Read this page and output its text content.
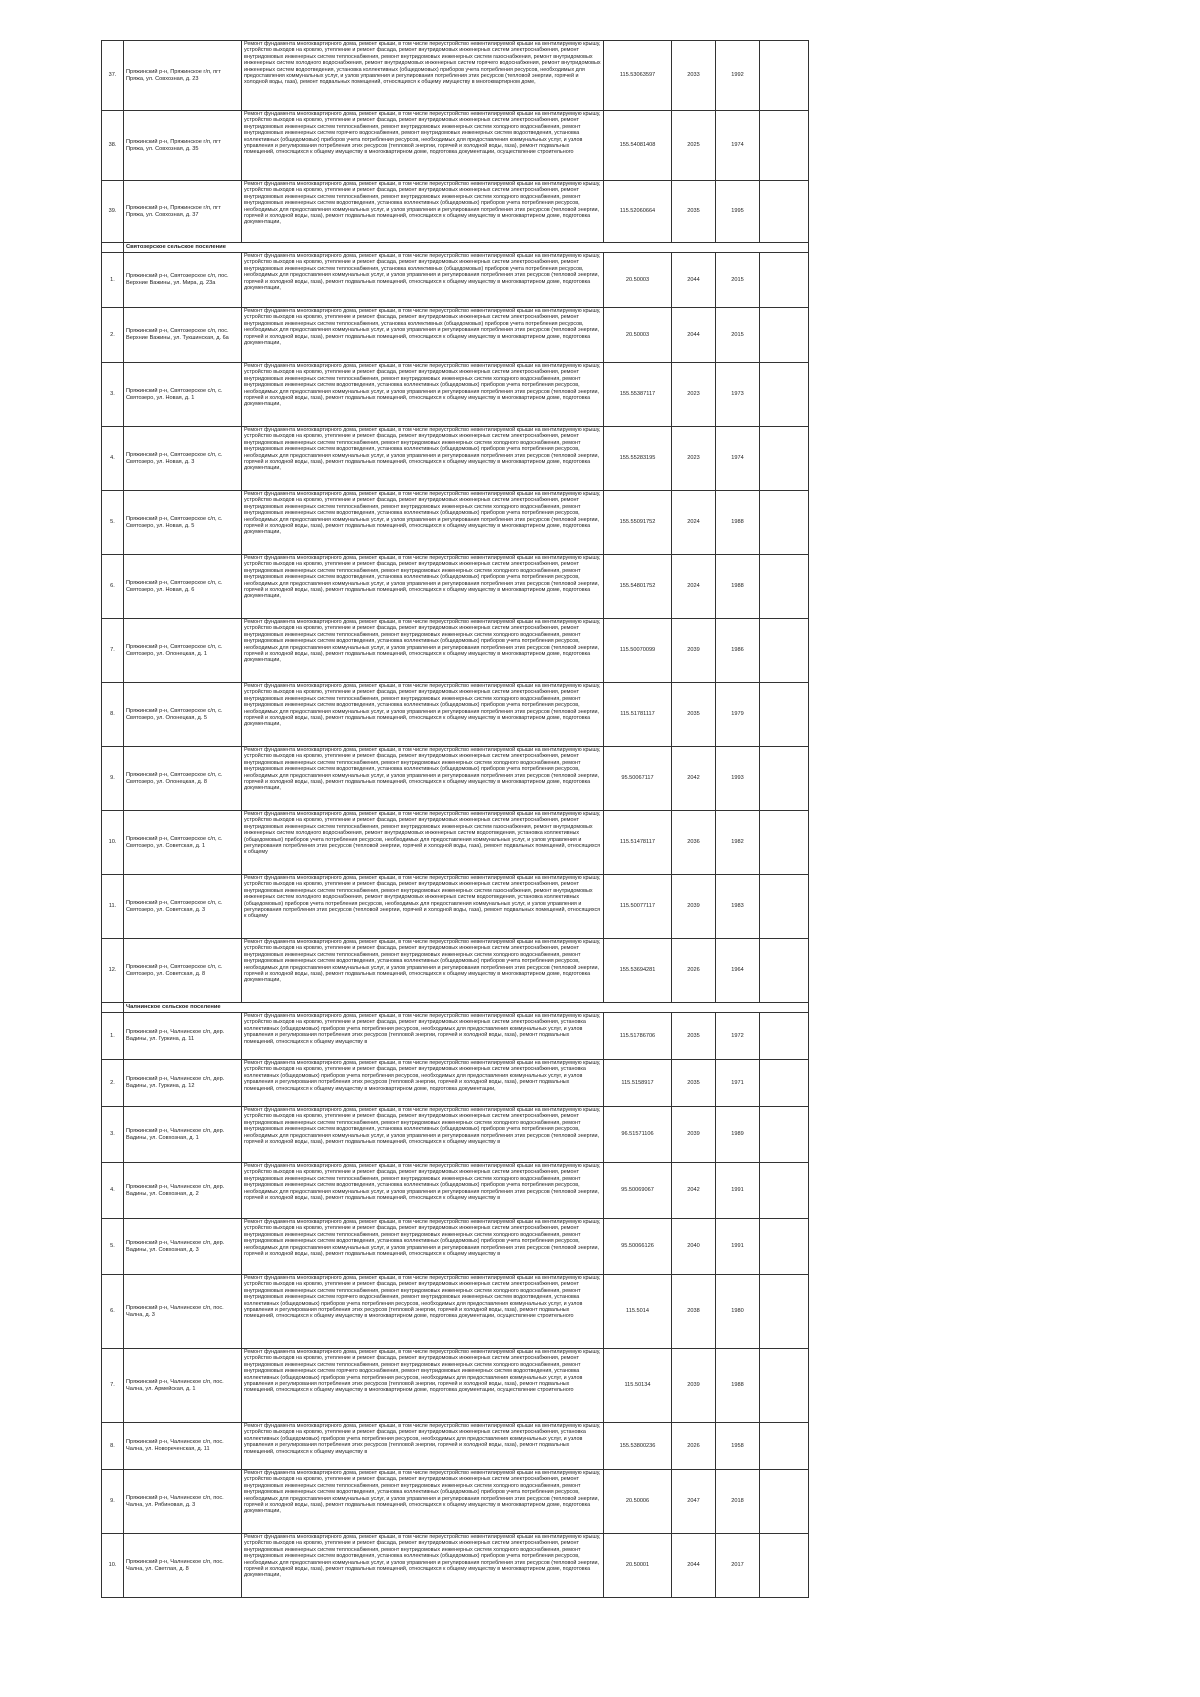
37.	Пряжинский р-н, Пряжинское г/п, пгт Пряжа, ул. Совхозная, д. 23	Ремонт фундамента многоквартирного дома, ремонт крыши, в том числе переустройство невентилируемой крыши на вентилируемую крышу, устройство выходов на кровлю, утепление и ремонт фасада, ремонт внутридомовых инженерных систем электроснабжения, ремонт внутридомовых инженерных систем теплоснабжения, ремонт внутридомовых инженерных систем газоснабжения, ремонт внутридомовых инженерных систем холодного водоснабжения, ремонт внутридомовых инженерных систем горячего водоснабжения, ремонт внутридомовых инженерных систем водоотведения, установка коллективных (общедомовых) приборов учета потребления ресурсов, необходимых для предоставления коммунальных услуг, и узлов управления и регулирования потребления этих ресурсов (тепловой энергии, горячей и холодной воды, газа), ремонт подвальных помещений, относящихся к общему имуществу в многоквартирном доме,	115.53063597	2033	1992	
38.	Пряжинский р-н, Пряжинское г/п, пгт Пряжа, ул. Совхозная, д. 35	Ремонт фундамента многоквартирного дома, ремонт крыши, в том числе переустройство невентилируемой крыши на вентилируемую крышу, устройство выходов на кровлю, утепление и ремонт фасада, ремонт внутридомовых инженерных систем электроснабжения, ремонт внутридомовых инженерных систем теплоснабжения, ремонт внутридомовых инженерных систем холодного водоснабжения, ремонт внутридомовых инженерных систем горячего водоснабжения, ремонт внутридомовых инженерных систем водоотведения, установка коллективных (общедомовых) приборов учета потребления ресурсов, необходимых для предоставления коммунальных услуг, и узлов управления и регулирования потребления этих ресурсов (тепловой энергии, горячей и холодной воды, газа), ремонт подвальных помещений, относящихся к общему имуществу в многоквартирном доме, подготовка документации, осуществление строительного	155.54081408	2025	1974	
39.	Пряжинский р-н, Пряжинское г/п, пгт Пряжа, ул. Совхозная, д. 37	Ремонт фундамента многоквартирного дома, ремонт крыши, в том числе переустройство невентилируемой крыши на вентилируемую крышу, устройство выходов на кровлю, утепление и ремонт фасада, ремонт внутридомовых инженерных систем электроснабжения, ремонт внутридомовых инженерных систем теплоснабжения, ремонт внутридомовых инженерных систем холодного водоснабжения, ремонт внутридомовых инженерных систем водоотведения, установка коллективных (общедомовых) приборов учета потребления ресурсов, необходимых для предоставления коммунальных услуг, и узлов управления и регулирования потребления этих ресурсов (тепловой энергии, горячей и холодной воды, газа), ремонт подвальных помещений, относящихся к общему имуществу в многоквартирном доме, подготовка документации,	115.52060664	2035	1995	
	Святозерское сельское поселение					
1.	Пряжинский р-н, Святозерское с/п, пос. Верхние Важины, ул. Мира, д. 23а	Ремонт фундамента многоквартирного дома, ремонт крыши, в том числе переустройство невентилируемой крыши на вентилируемую крышу, устройство выходов на кровлю, утепление и ремонт фасада, ремонт внутридомовых инженерных систем электроснабжения, ремонт внутридомовых инженерных систем теплоснабжения, установка коллективных (общедомовых) приборов учета потребления ресурсов, необходимых для предоставления коммунальных услуг, и узлов управления и регулирования потребления этих ресурсов (тепловой энергии, горячей и холодной воды, газа), ремонт подвальных помещений, относящихся к общему имуществу в многоквартирном доме, подготовка документации,	20.50003	2044	2015	
2.	Пряжинский р-н, Святозерское с/п, пос. Верхние Важины, ул. Тукшинская, д. 6а	Ремонт фундамента многоквартирного дома, ремонт крыши, в том числе переустройство невентилируемой крыши на вентилируемую крышу, устройство выходов на кровлю, утепление и ремонт фасада, ремонт внутридомовых инженерных систем электроснабжения, ремонт внутридомовых инженерных систем теплоснабжения, установка коллективных (общедомовых) приборов учета потребления ресурсов, необходимых для предоставления коммунальных услуг, и узлов управления и регулирования потребления этих ресурсов (тепловой энергии, горячей и холодной воды, газа), ремонт подвальных помещений, относящихся к общему имуществу в многоквартирном доме, подготовка документации,	20.50003	2044	2015	
3.	Пряжинский р-н, Святозерское с/п, с. Святозеро, ул. Новая, д. 1	Ремонт фундамента многоквартирного дома, ремонт крыши, в том числе переустройство невентилируемой крыши на вентилируемую крышу, устройство выходов на кровлю, утепление и ремонт фасада, ремонт внутридомовых инженерных систем электроснабжения, ремонт внутридомовых инженерных систем теплоснабжения, ремонт внутридомовых инженерных систем холодного водоснабжения, ремонт внутридомовых инженерных систем водоотведения, установка коллективных (общедомовых) приборов учета потребления ресурсов, необходимых для предоставления коммунальных услуг, и узлов управления и регулирования потребления этих ресурсов (тепловой энергии, горячей и холодной воды, газа), ремонт подвальных помещений, относящихся к общему имуществу в многоквартирном доме, подготовка документации,	155.55387117	2023	1973	
4.	Пряжинский р-н, Святозерское с/п, с. Святозеро, ул. Новая, д. 3	Ремонт фундамента многоквартирного дома, ремонт крыши, в том числе переустройство невентилируемой крыши на вентилируемую крышу, устройство выходов на кровлю, утепление и ремонт фасада, ремонт внутридомовых инженерных систем электроснабжения, ремонт внутридомовых инженерных систем теплоснабжения, ремонт внутридомовых инженерных систем холодного водоснабжения, ремонт внутридомовых инженерных систем водоотведения, установка коллективных (общедомовых) приборов учета потребления ресурсов, необходимых для предоставления коммунальных услуг, и узлов управления и регулирования потребления этих ресурсов (тепловой энергии, горячей и холодной воды, газа), ремонт подвальных помещений, относящихся к общему имуществу в многоквартирном доме, подготовка документации,	155.55283195	2023	1974	
5.	Пряжинский р-н, Святозерское с/п, с. Святозеро, ул. Новая, д. 5	Ремонт фундамента многоквартирного дома, ремонт крыши, в том числе переустройство невентилируемой крыши на вентилируемую крышу, устройство выходов на кровлю, утепление и ремонт фасада, ремонт внутридомовых инженерных систем электроснабжения, ремонт внутридомовых инженерных систем теплоснабжения, ремонт внутридомовых инженерных систем холодного водоснабжения, ремонт внутридомовых инженерных систем водоотведения, установка коллективных (общедомовых) приборов учета потребления ресурсов, необходимых для предоставления коммунальных услуг, и узлов управления и регулирования потребления этих ресурсов (тепловой энергии, горячей и холодной воды, газа), ремонт подвальных помещений, относящихся к общему имуществу в многоквартирном доме, подготовка документации,	155.55091752	2024	1988	
6.	Пряжинский р-н, Святозерское с/п, с. Святозеро, ул. Новая, д. 6	Ремонт фундамента многоквартирного дома, ремонт крыши, в том числе переустройство невентилируемой крыши на вентилируемую крышу, устройство выходов на кровлю, утепление и ремонт фасада, ремонт внутридомовых инженерных систем электроснабжения, ремонт внутридомовых инженерных систем теплоснабжения, ремонт внутридомовых инженерных систем холодного водоснабжения, ремонт внутридомовых инженерных систем водоотведения, установка коллективных (общедомовых) приборов учета потребления ресурсов, необходимых для предоставления коммунальных услуг, и узлов управления и регулирования потребления этих ресурсов (тепловой энергии, горячей и холодной воды, газа), ремонт подвальных помещений, относящихся к общему имуществу в многоквартирном доме, подготовка документации,	155.54801752	2024	1988	
7.	Пряжинский р-н, Святозерское с/п, с. Святозеро, ул. Олонецкая, д. 1	Ремонт фундамента многоквартирного дома, ремонт крыши, в том числе переустройство невентилируемой крыши на вентилируемую крышу, устройство выходов на кровлю, утепление и ремонт фасада, ремонт внутридомовых инженерных систем электроснабжения, ремонт внутридомовых инженерных систем теплоснабжения, ремонт внутридомовых инженерных систем холодного водоснабжения, ремонт внутридомовых инженерных систем водоотведения, установка коллективных (общедомовых) приборов учета потребления ресурсов, необходимых для предоставления коммунальных услуг, и узлов управления и регулирования потребления этих ресурсов (тепловой энергии, горячей и холодной воды, газа), ремонт подвальных помещений, относящихся к общему имуществу в многоквартирном доме, подготовка документации,	115.50070099	2039	1986	
8.	Пряжинский р-н, Святозерское с/п, с. Святозеро, ул. Олонецкая, д. 5	Ремонт фундамента многоквартирного дома, ремонт крыши, в том числе переустройство невентилируемой крыши на вентилируемую крышу, устройство выходов на кровлю, утепление и ремонт фасада, ремонт внутридомовых инженерных систем электроснабжения, ремонт внутридомовых инженерных систем теплоснабжения, ремонт внутридомовых инженерных систем холодного водоснабжения, ремонт внутридомовых инженерных систем водоотведения, установка коллективных (общедомовых) приборов учета потребления ресурсов, необходимых для предоставления коммунальных услуг, и узлов управления и регулирования потребления этих ресурсов (тепловой энергии, горячей и холодной воды, газа), ремонт подвальных помещений, относящихся к общему имуществу в многоквартирном доме, подготовка документации,	115.51781117	2035	1979	
9.	Пряжинский р-н, Святозерское с/п, с. Святозеро, ул. Олонецкая, д. 8	Ремонт фундамента многоквартирного дома, ремонт крыши, в том числе переустройство невентилируемой крыши на вентилируемую крышу, устройство выходов на кровлю, утепление и ремонт фасада, ремонт внутридомовых инженерных систем электроснабжения, ремонт внутридомовых инженерных систем теплоснабжения, ремонт внутридомовых инженерных систем холодного водоснабжения, ремонт внутридомовых инженерных систем водоотведения, установка коллективных (общедомовых) приборов учета потребления ресурсов, необходимых для предоставления коммунальных услуг, и узлов управления и регулирования потребления этих ресурсов (тепловой энергии, горячей и холодной воды, газа), ремонт подвальных помещений, относящихся к общему имуществу в многоквартирном доме, подготовка документации,	95.50067117	2042	1993	
10.	Пряжинский р-н, Святозерское с/п, с. Святозеро, ул. Советская, д. 1	Ремонт фундамента многоквартирного дома, ремонт крыши, в том числе переустройство невентилируемой крыши на вентилируемую крышу, устройство выходов на кровлю, утепление и ремонт фасада, ремонт внутридомовых инженерных систем электроснабжения, ремонт внутридомовых инженерных систем теплоснабжения, ремонт внутридомовых инженерных систем газоснабжения, ремонт внутридомовых инженерных систем холодного водоснабжения, ремонт внутридомовых инженерных систем водоотведения, установка коллективных (общедомовых) приборов учета потребления ресурсов, необходимых для предоставления коммунальных услуг, и узлов управления и регулирования потребления этих ресурсов (тепловой энергии, горячей и холодной воды, газа), ремонт подвальных помещений, относящихся к общему	115.51478117	2036	1982	
11.	Пряжинский р-н, Святозерское с/п, с. Святозеро, ул. Советская, д. 3	Ремонт фундамента многоквартирного дома, ремонт крыши, в том числе переустройство невентилируемой крыши на вентилируемую крышу, устройство выходов на кровлю, утепление и ремонт фасада, ремонт внутридомовых инженерных систем электроснабжения, ремонт внутридомовых инженерных систем теплоснабжения, ремонт внутридомовых инженерных систем газоснабжения, ремонт внутридомовых инженерных систем холодного водоснабжения, ремонт внутридомовых инженерных систем водоотведения, установка коллективных (общедомовых) приборов учета потребления ресурсов, необходимых для предоставления коммунальных услуг, и узлов управления и регулирования потребления этих ресурсов (тепловой энергии, горячей и холодной воды, газа), ремонт подвальных помещений, относящихся к общему	115.50077117	2039	1983	
12.	Пряжинский р-н, Святозерское с/п, с. Святозеро, ул. Советская, д. 8	Ремонт фундамента многоквартирного дома, ремонт крыши, в том числе переустройство невентилируемой крыши на вентилируемую крышу, устройство выходов на кровлю, утепление и ремонт фасада, ремонт внутридомовых инженерных систем электроснабжения, ремонт внутридомовых инженерных систем теплоснабжения, ремонт внутридомовых инженерных систем холодного водоснабжения, ремонт внутридомовых инженерных систем водоотведения, установка коллективных (общедомовых) приборов учета потребления ресурсов, необходимых для предоставления коммунальных услуг, и узлов управления и регулирования потребления этих ресурсов (тепловой энергии, горячей и холодной воды, газа), ремонт подвальных помещений, относящихся к общему имуществу в многоквартирном доме, подготовка документации,	155.53694281	2026	1964	
	Чалнинское сельское поселение					
1.	Пряжинский р-н, Чалнинское с/п, дер. Вадины, ул. Гуркина, д. 11	Ремонт фундамента многоквартирного дома, ремонт крыши, в том числе переустройство невентилируемой крыши на вентилируемую крышу, устройство выходов на кровлю, утепление и ремонт фасада, ремонт внутридомовых инженерных систем электроснабжения, установка коллективных (общедомовых) приборов учета потребления ресурсов, необходимых для предоставления коммунальных услуг, и узлов управления и регулирования потребления этих ресурсов (тепловой энергии, горячей и холодной воды, газа), ремонт подвальных помещений, относящихся к общему имуществу в	115.51786706	2035	1972	
2.	Пряжинский р-н, Чалнинское с/п, дер. Вадины, ул. Гуркина, д. 12	Ремонт фундамента многоквартирного дома, ремонт крыши, в том числе переустройство невентилируемой крыши на вентилируемую крышу, устройство выходов на кровлю, утепление и ремонт фасада, ремонт внутридомовых инженерных систем электроснабжения, установка коллективных (общедомовых) приборов учета потребления ресурсов, необходимых для предоставления коммунальных услуг, и узлов управления и регулирования потребления этих ресурсов (тепловой энергии, горячей и холодной воды, газа), ремонт подвальных помещений, относящихся к общему имуществу в многоквартирном доме, подготовка документации,	115.5158917	2035	1971	
3.	Пряжинский р-н, Чалнинское с/п, дер. Вадины, ул. Совхозная, д. 1	Ремонт фундамента многоквартирного дома, ремонт крыши, в том числе переустройство невентилируемой крыши на вентилируемую крышу, устройство выходов на кровлю, утепление и ремонт фасада, ремонт внутридомовых инженерных систем электроснабжения, ремонт внутридомовых инженерных систем теплоснабжения, ремонт внутридомовых инженерных систем холодного водоснабжения, ремонт внутридомовых инженерных систем водоотведения, установка коллективных (общедомовых) приборов учета потребления ресурсов, необходимых для предоставления коммунальных услуг, и узлов управления и регулирования потребления этих ресурсов (тепловой энергии, горячей и холодной воды, газа), ремонт подвальных помещений, относящихся к общему имуществу в	96.51571106	2039	1989	
4.	Пряжинский р-н, Чалнинское с/п, дер. Вадины, ул. Совхозная, д. 2	Ремонт фундамента многоквартирного дома, ремонт крыши, в том числе переустройство невентилируемой крыши на вентилируемую крышу, устройство выходов на кровлю, утепление и ремонт фасада, ремонт внутридомовых инженерных систем электроснабжения, ремонт внутридомовых инженерных систем теплоснабжения, ремонт внутридомовых инженерных систем холодного водоснабжения, ремонт внутридомовых инженерных систем водоотведения, установка коллективных (общедомовых) приборов учета потребления ресурсов, необходимых для предоставления коммунальных услуг, и узлов управления и регулирования потребления этих ресурсов (тепловой энергии, горячей и холодной воды, газа), ремонт подвальных помещений, относящихся к общему имуществу в	95.50069067	2042	1991	
5.	Пряжинский р-н, Чалнинское с/п, дер. Вадины, ул. Совхозная, д. 3	Ремонт фундамента многоквартирного дома, ремонт крыши, в том числе переустройство невентилируемой крыши на вентилируемую крышу, устройство выходов на кровлю, утепление и ремонт фасада, ремонт внутридомовых инженерных систем электроснабжения, ремонт внутридомовых инженерных систем теплоснабжения, ремонт внутридомовых инженерных систем холодного водоснабжения, ремонт внутридомовых инженерных систем водоотведения, установка коллективных (общедомовых) приборов учета потребления ресурсов, необходимых для предоставления коммунальных услуг, и узлов управления и регулирования потребления этих ресурсов (тепловой энергии, горячей и холодной воды, газа), ремонт подвальных помещений, относящихся к общему имуществу в	95.50066126	2040	1991	
6.	Пряжинский р-н, Чалнинское с/п, пос. Чална, д. 3	Ремонт фундамента многоквартирного дома, ремонт крыши, в том числе переустройство невентилируемой крыши на вентилируемую крышу, устройство выходов на кровлю, утепление и ремонт фасада, ремонт внутридомовых инженерных систем электроснабжения, ремонт внутридомовых инженерных систем теплоснабжения, ремонт внутридомовых инженерных систем холодного водоснабжения, ремонт внутридомовых инженерных систем горячего водоснабжения, ремонт внутридомовых инженерных систем водоотведения, установка коллективных (общедомовых) приборов учета потребления ресурсов, необходимых для предоставления коммунальных услуг, и узлов управления и регулирования потребления этих ресурсов (тепловой энергии, горячей и холодной воды, газа), ремонт подвальных помещений, относящихся к общему имуществу в многоквартирном доме, подготовка документации, осуществление строительного	115.5014	2038	1980	
7.	Пряжинский р-н, Чалнинское с/п, пос. Чална, ул. Армейская, д. 1	Ремонт фундамента многоквартирного дома, ремонт крыши, в том числе переустройство невентилируемой крыши на вентилируемую крышу, устройство выходов на кровлю, утепление и ремонт фасада, ремонт внутридомовых инженерных систем электроснабжения, ремонт внутридомовых инженерных систем теплоснабжения, ремонт внутридомовых инженерных систем холодного водоснабжения, ремонт внутридомовых инженерных систем горячего водоснабжения, ремонт внутридомовых инженерных систем водоотведения, установка коллективных (общедомовых) приборов учета потребления ресурсов, необходимых для предоставления коммунальных услуг, и узлов управления и регулирования потребления этих ресурсов (тепловой энергии, горячей и холодной воды, газа), ремонт подвальных помещений, относящихся к общему имуществу в многоквартирном доме, подготовка документации, осуществление строительного	115.50134	2039	1988	
8.	Пряжинский р-н, Чалнинское с/п, пос. Чална, ул. Новореченская, д. 11	Ремонт фундамента многоквартирного дома, ремонт крыши, в том числе переустройство невентилируемой крыши на вентилируемую крышу, устройство выходов на кровлю, утепление и ремонт фасада, ремонт внутридомовых инженерных систем электроснабжения, установка коллективных (общедомовых) приборов учета потребления ресурсов, необходимых для предоставления коммунальных услуг, и узлов управления и регулирования потребления этих ресурсов (тепловой энергии, горячей и холодной воды, газа), ремонт подвальных помещений, относящихся к общему имуществу в	155.53800236	2026	1958	
9.	Пряжинский р-н, Чалнинское с/п, пос. Чална, ул. Рябиновая, д. 3	Ремонт фундамента многоквартирного дома, ремонт крыши, в том числе переустройство невентилируемой крыши на вентилируемую крышу, устройство выходов на кровлю, утепление и ремонт фасада, ремонт внутридомовых инженерных систем электроснабжения, ремонт внутридомовых инженерных систем теплоснабжения, ремонт внутридомовых инженерных систем холодного водоснабжения, ремонт внутридомовых инженерных систем водоотведения, установка коллективных (общедомовых) приборов учета потребления ресурсов, необходимых для предоставления коммунальных услуг, и узлов управления и регулирования потребления этих ресурсов (тепловой энергии, горячей и холодной воды, газа), ремонт подвальных помещений, относящихся к общему имуществу в многоквартирном доме, подготовка документации,	20.50006	2047	2018	
10.	Пряжинский р-н, Чалнинское с/п, пос. Чална, ул. Светлая, д. 8	Ремонт фундамента многоквартирного дома, ремонт крыши, в том числе переустройство невентилируемой крыши на вентилируемую крышу, устройство выходов на кровлю, утепление и ремонт фасада, ремонт внутридомовых инженерных систем электроснабжения, ремонт внутридомовых инженерных систем теплоснабжения, ремонт внутридомовых инженерных систем холодного водоснабжения, ремонт внутридомовых инженерных систем водоотведения, установка коллективных (общедомовых) приборов учета потребления ресурсов, необходимых для предоставления коммунальных услуг, и узлов управления и регулирования потребления этих ресурсов (тепловой энергии, горячей и холодной воды, газа), ремонт подвальных помещений, относящихся к общему имуществу в многоквартирном доме, подготовка документации,	20.50001	2044	2017	
